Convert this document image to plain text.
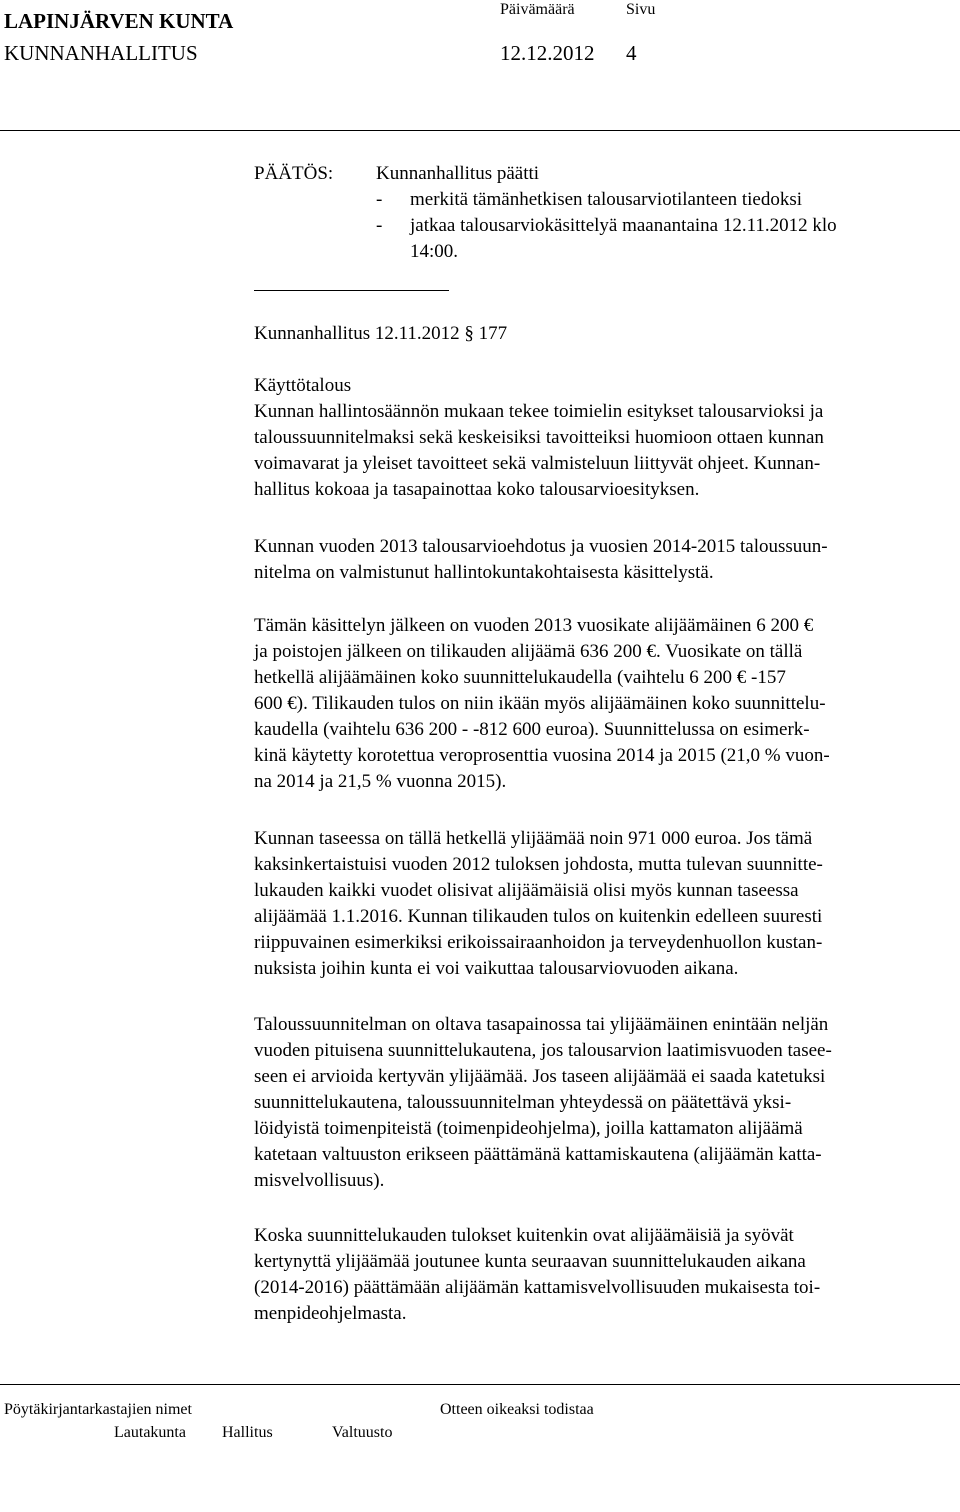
LAPINJÄRVEN KUNTA
KUNNANHALLITUS
Päivämäärä	Sivu
12.12.2012 4
PÄÄTÖS: Kunnanhallitus päätti
- merkitä tämänhetkisen talousarviotilanteen tiedoksi
- jatkaa talousarviokäsittelyä maanantaina 12.11.2012 klo
14:00.
Kunnanhallitus 12.11.2012 § 177
Käyttötalous
Kunnan hallintosäännön mukaan tekee toimielin esitykset talousarvioksi ja
taloussuunnitelmaksi sekä keskeisiksi tavoitteiksi huomioon ottaen kunnan
voimavarat ja yleiset tavoitteet sekä valmisteluun liittyvät ohjeet. Kunnan-
hallitus kokoaa ja tasapainottaa koko talousarvioesityksen.
Kunnan vuoden 2013 talousarvioehdotus ja vuosien 2014-2015 taloussuun-
nitelma on valmistunut hallintokuntakohtaisesta käsittelystä.
Tämän käsittelyn jälkeen on vuoden 2013 vuosikate alijäämäinen 6 200 €
ja poistojen jälkeen on tilikauden alijäämä 636 200 €. Vuosikate on tällä
hetkellä alijäämäinen koko suunnittelukaudella (vaihtelu 6 200 € -157
600 €). Tilikauden tulos on niin ikään myös alijäämäinen koko suunnittelu-
kaudella (vaihtelu 636 200 - -812 600 euroa). Suunnittelussa on esimerk-
kinä käytetty korotettua veroprosenttia vuosina 2014 ja 2015 (21,0 % vuon-
na 2014 ja 21,5 % vuonna 2015).
Kunnan taseessa on tällä hetkellä ylijäämää noin 971 000 euroa. Jos tämä
kaksinkertaistuisi vuoden 2012 tuloksen johdosta, mutta tulevan suunnitte-
lukauden kaikki vuodet olisivat alijäämäisiä olisi myös kunnan taseessa
alijäämää 1.1.2016. Kunnan tilikauden tulos on kuitenkin edelleen suuresti
riippuvainen esimerkiksi erikoissairaanhoidon ja terveydenhuollon kustan-
nuksista joihin kunta ei voi vaikuttaa talousarviovuoden aikana.
Taloussuunnitelman on oltava tasapainossa tai ylijäämäinen enintään neljän
vuoden pituisena suunnittelukautena, jos talousarvion laatimisvuoden tasee-
seen ei arvioida kertyvän ylijäämää. Jos taseen alijäämää ei saada katetuksi
suunnittelukautena, taloussuunnitelman yhteydessä on päätettävä yksi-
löidyistä toimenpiteistä (toimenpideohjelma), joilla kattamaton alijäämä
katetaan valtuuston erikseen päättämänä kattamiskautena (alijäämän katta-
misvelvollisuus).
Koska suunnittelukauden tulokset kuitenkin ovat alijäämäisiä ja syövät
kertynyttä ylijäämää joutunee kunta seuraavan suunnittelukauden aikana
(2014-2016) päättämään alijäämän kattamisvelvollisuuden mukaisesta toi-
menpideohjelmasta.
Pöytäkirjantarkastajien nimet	Otteen oikeaksi todistaa
Lautakunta Hallitus	Valtuusto
